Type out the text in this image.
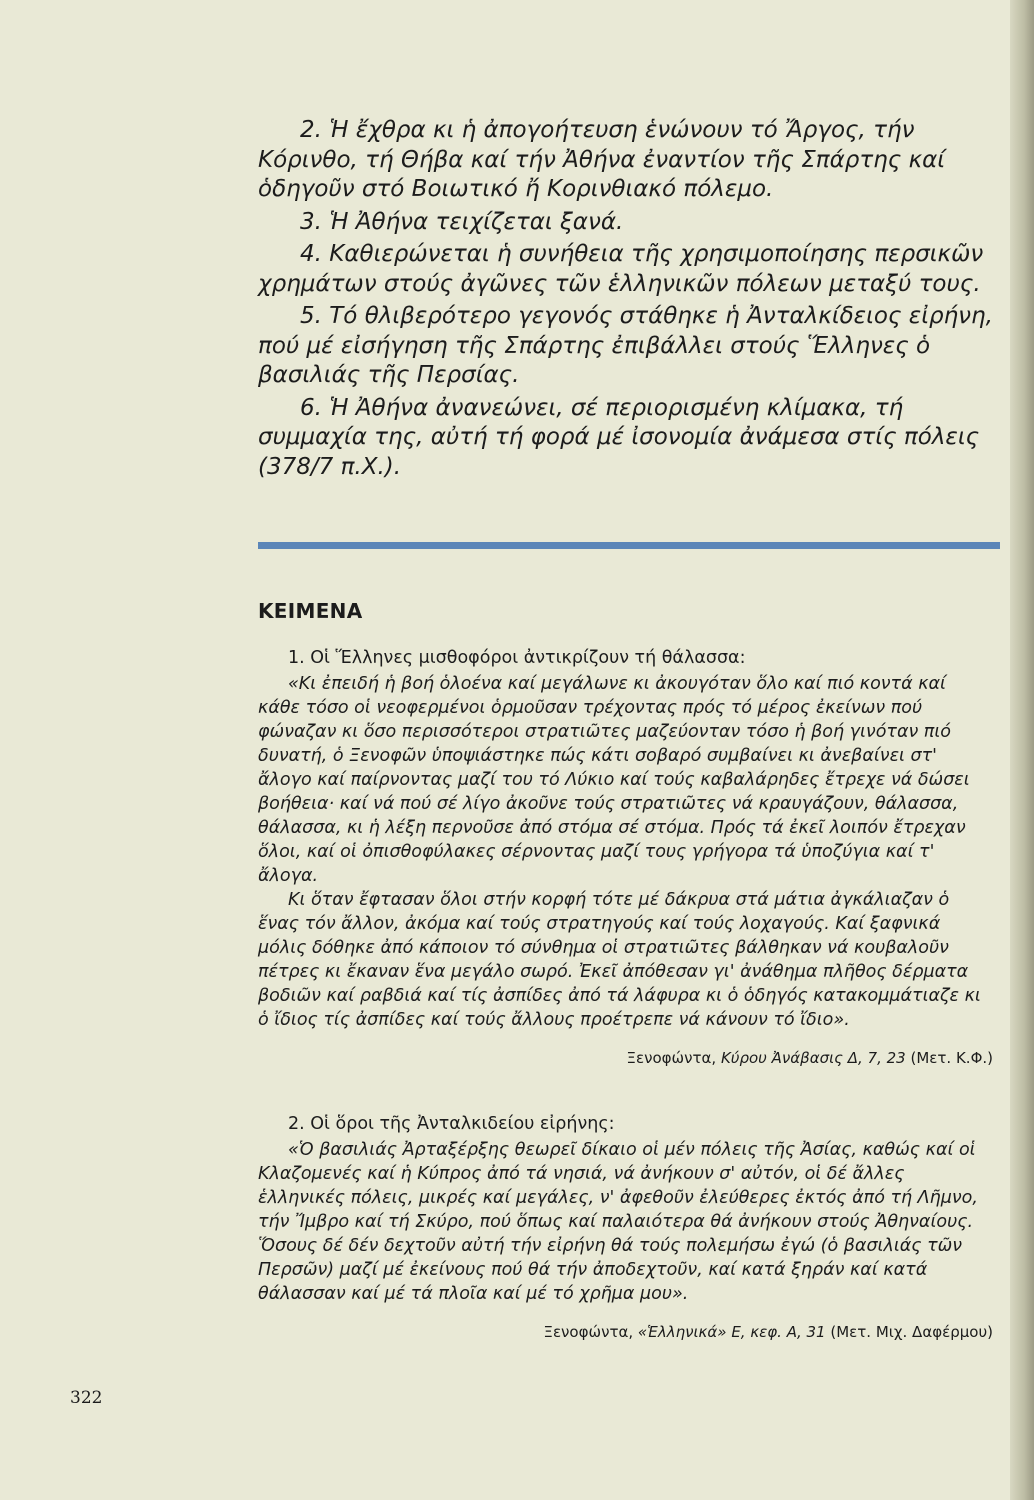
2. Ἡ ἔχθρα κι ἡ ἀπογοήτευση ἑνώνουν τό Ἄργος, τήν Κόρινθο, τή Θήβα καί τήν Ἀθήνα ἐναντίον τῆς Σπάρτης καί ὁδηγοῦν στό Βοιωτικό ἤ Κορινθιακό πόλεμο.

3. Ἡ Ἀθήνα τειχίζεται ξανά.

4. Καθιερώνεται ἡ συνήθεια τῆς χρησιμοποίησης περσικῶν χρημάτων στούς ἀγῶνες τῶν ἑλληνικῶν πόλεων μεταξύ τους.

5. Τό θλιβερότερο γεγονός στάθηκε ἡ Ἀνταλκίδειος εἰρήνη, πού μέ εἰσήγηση τῆς Σπάρτης ἐπιβάλλει στούς Ἕλληνες ὁ βασιλιάς τῆς Περσίας.

6. Ἡ Ἀθήνα ἀνανεώνει, σέ περιορισμένη κλίμακα, τή συμμαχία της, αὐτή τή φορά μέ ἰσονομία ἀνάμεσα στίς πόλεις (378/7 π.Χ.).

ΚΕΙΜΕΝΑ

1. Οἱ Ἕλληνες μισθοφόροι ἀντικρίζουν τή θάλασσα:

«Κι ἐπειδή ἡ βοή ὁλοένα καί μεγάλωνε κι ἀκουγόταν ὅλο καί πιό κοντά καί κάθε τόσο οἱ νεοφερμένοι ὁρμοῦσαν τρέχοντας πρός τό μέρος ἐκείνων πού φώναζαν κι ὅσο περισσότεροι στρατιῶτες μαζεύονταν τόσο ἡ βοή γινόταν πιό δυνατή, ὁ Ξενοφῶν ὑποψιάστηκε πώς κάτι σοβαρό συμβαίνει κι ἀνεβαίνει στ' ἄλογο καί παίρνοντας μαζί του τό Λύκιο καί τούς καβαλάρηδες ἔτρεχε νά δώσει βοήθεια· καί νά πού σέ λίγο ἀκοῦνε τούς στρατιῶτες νά κραυγάζουν, θάλασσα, θάλασσα, κι ἡ λέξη περνοῦσε ἀπό στόμα σέ στόμα. Πρός τά ἐκεῖ λοιπόν ἔτρεχαν ὅλοι, καί οἱ ὀπισθοφύλακες σέρνοντας μαζί τους γρήγορα τά ὑποζύγια καί τ' ἄλογα.

Κι ὅταν ἔφτασαν ὅλοι στήν κορφή τότε μέ δάκρυα στά μάτια ἀγκάλιαζαν ὁ ἕνας τόν ἄλλον, ἀκόμα καί τούς στρατηγούς καί τούς λοχαγούς. Καί ξαφνικά μόλις δόθηκε ἀπό κάποιον τό σύνθημα οἱ στρατιῶτες βάλθηκαν νά κουβαλοῦν πέτρες κι ἔκαναν ἕνα μεγάλο σωρό. Ἐκεῖ ἀπόθεσαν γι' ἀνάθημα πλῆθος δέρματα βοδιῶν καί ραβδιά καί τίς ἀσπίδες ἀπό τά λάφυρα κι ὁ ὁδηγός κατακομμάτιαζε κι ὁ ἴδιος τίς ἀσπίδες καί τούς ἄλλους προέτρεπε νά κάνουν τό ἴδιο».

Ξενοφώντα, Κύρου Ἀνάβασις Δ, 7, 23 (Μετ. Κ.Φ.)

2. Οἱ ὅροι τῆς Ἀνταλκιδείου εἰρήνης:

«Ὁ βασιλιάς Ἀρταξέρξης θεωρεῖ δίκαιο οἱ μέν πόλεις τῆς Ἀσίας, καθώς καί οἱ Κλαζομενές καί ἡ Κύπρος ἀπό τά νησιά, νά ἀνήκουν σ' αὐτόν, οἱ δέ ἄλλες ἑλληνικές πόλεις, μικρές καί μεγάλες, ν' ἀφεθοῦν ἐλεύθερες ἐκτός ἀπό τή Λῆμνο, τήν Ἴμβρο καί τή Σκύρο, πού ὅπως καί παλαιότερα θά ἀνήκουν στούς Ἀθηναίους. Ὅσους δέ δέν δεχτοῦν αὐτή τήν εἰρήνη θά τούς πολεμήσω ἐγώ (ὁ βασιλιάς τῶν Περσῶν) μαζί μέ ἐκείνους πού θά τήν ἀποδεχτοῦν, καί κατά ξηράν καί κατά θάλασσαν καί μέ τά πλοῖα καί μέ τό χρῆμα μου».

Ξενοφώντα, «Ἑλληνικά» Ε, κεφ. Α, 31 (Μετ. Μιχ. Δαφέρμου)

322
